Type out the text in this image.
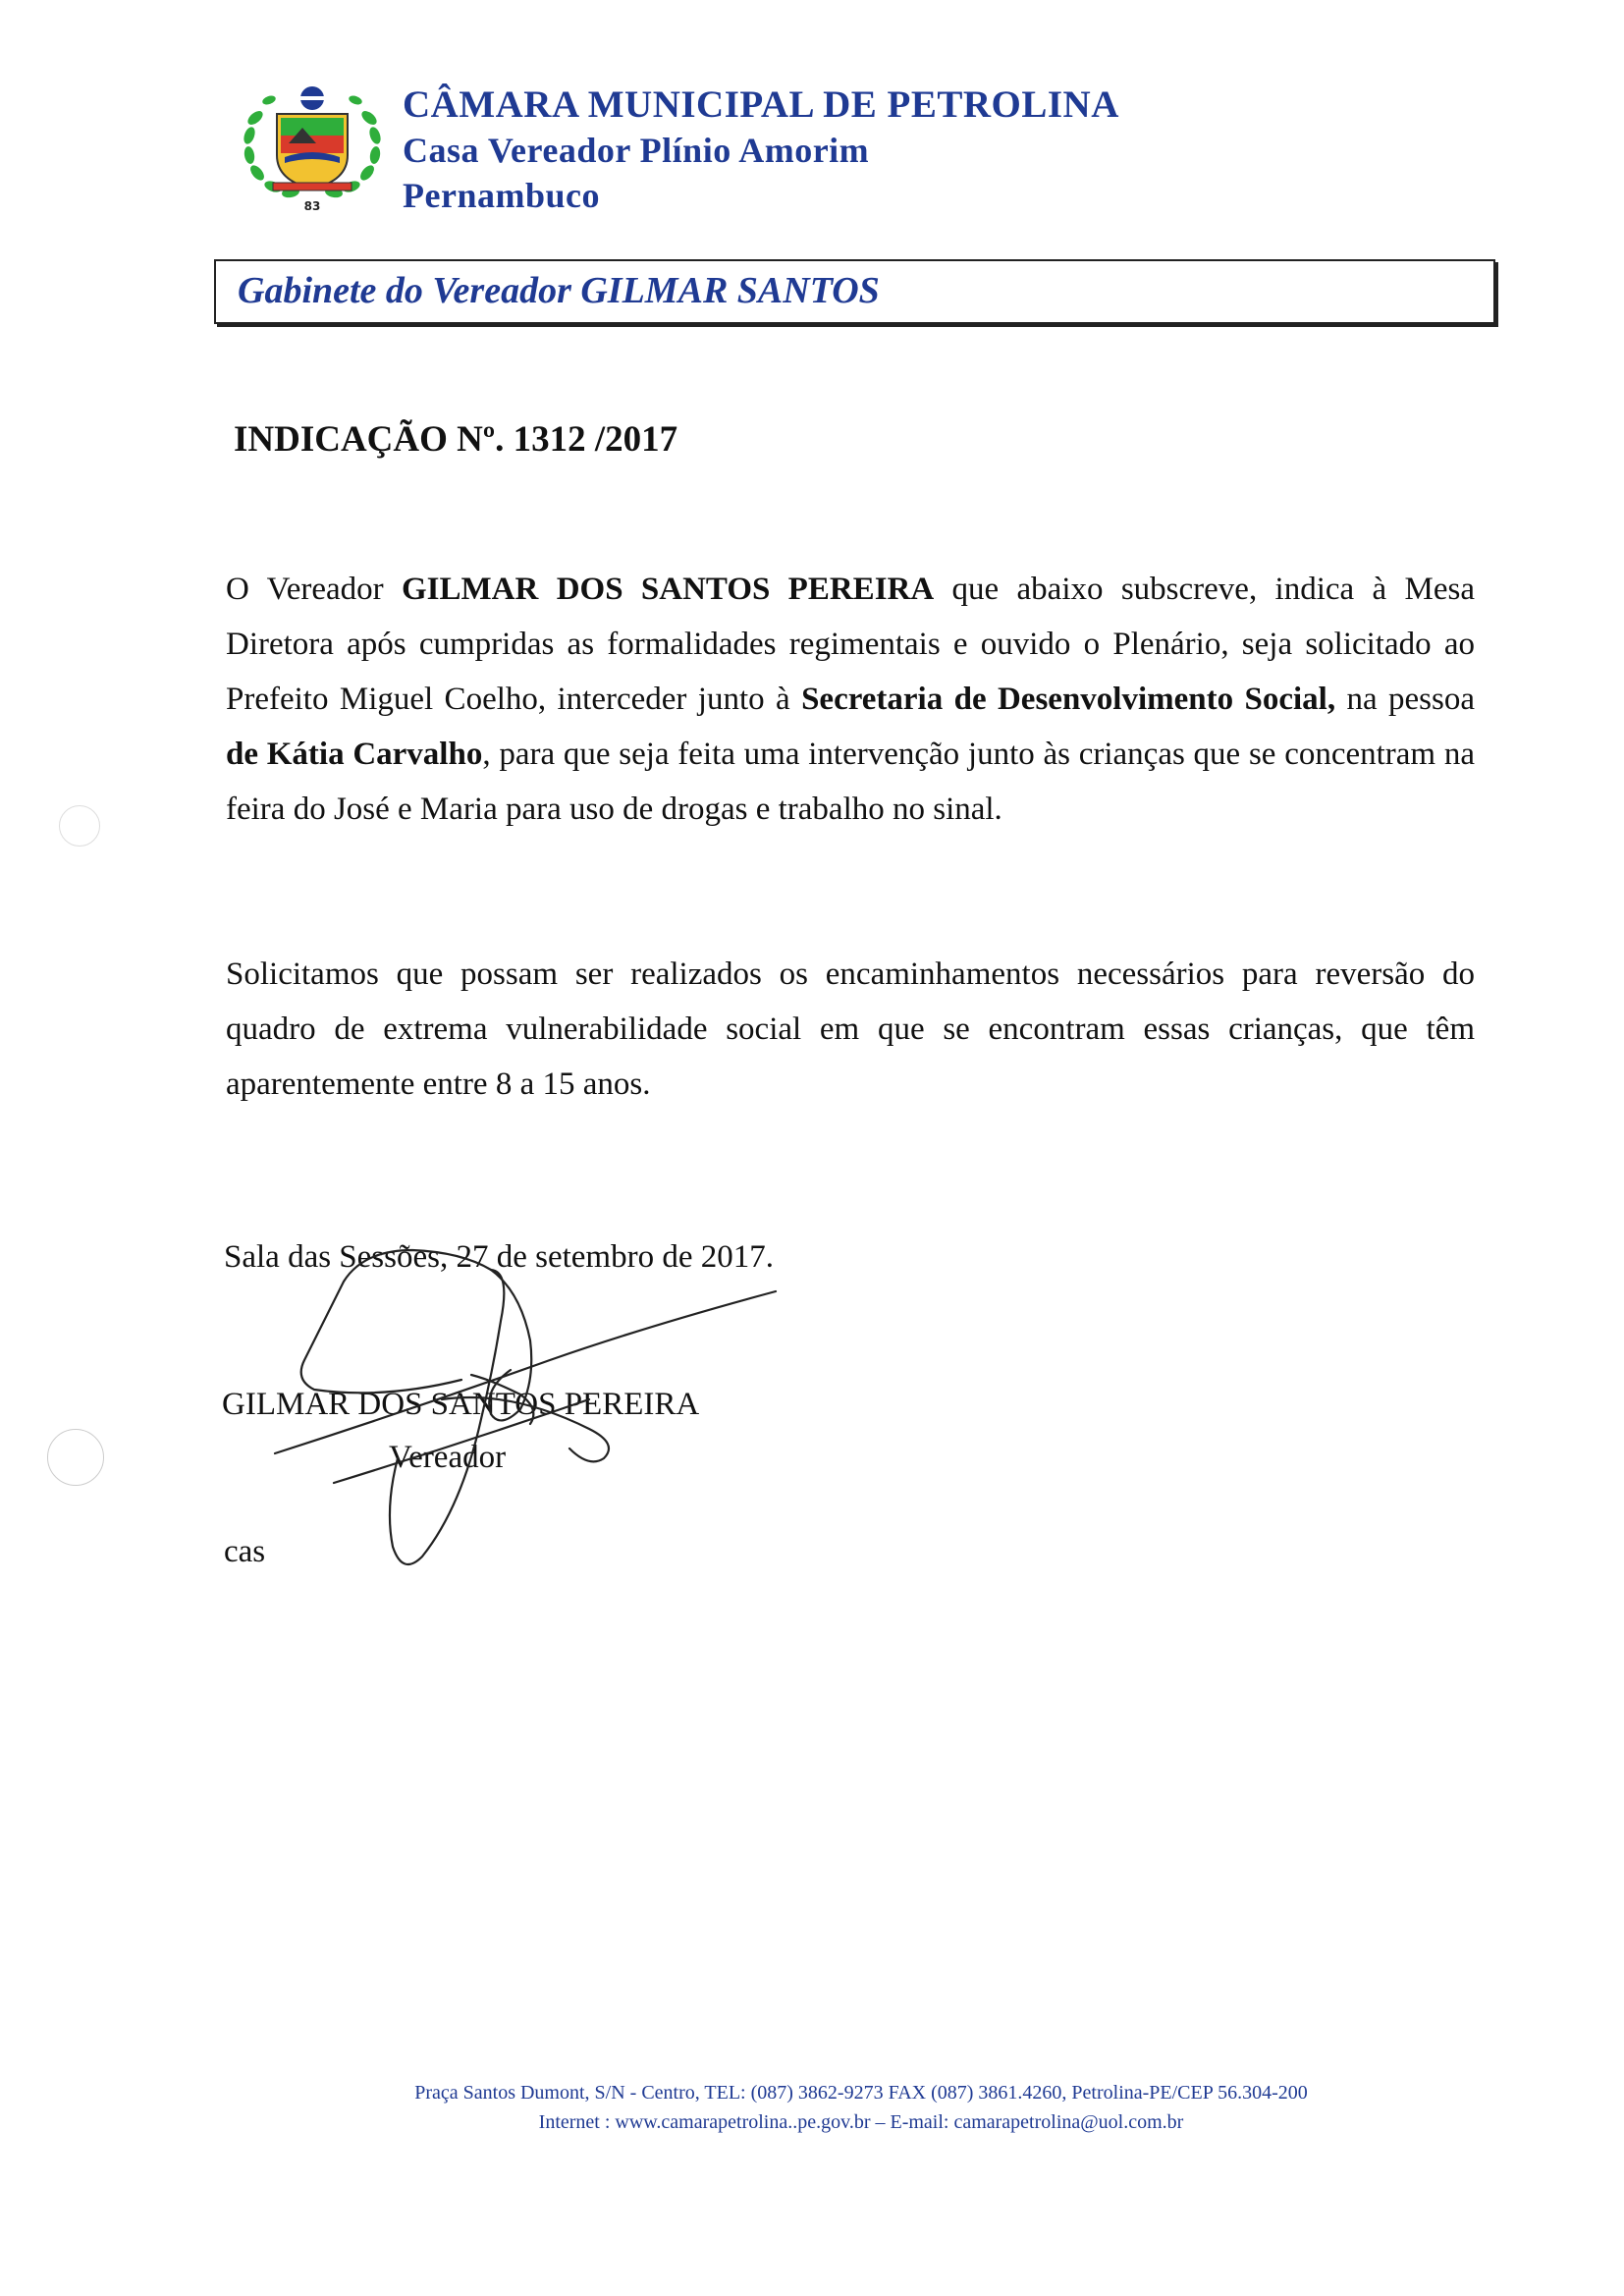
83
CÂMARA MUNICIPAL DE PETROLINA
Casa Vereador Plínio Amorim
Pernambuco
Gabinete do Vereador GILMAR SANTOS
INDICAÇÃO Nº. 1312 /2017
O Vereador GILMAR DOS SANTOS PEREIRA que abaixo subscreve, indica à Mesa Diretora após cumpridas as formalidades regimentais e ouvido o Plenário, seja solicitado ao Prefeito Miguel Coelho, interceder junto à Secretaria de Desenvolvimento Social, na pessoa de Kátia Carvalho, para que seja feita uma intervenção junto às crianças que se concentram na feira do José e Maria para uso de drogas e trabalho no sinal.
Solicitamos que possam ser realizados os encaminhamentos necessários para reversão do quadro de extrema vulnerabilidade social em que se encontram essas crianças, que têm aparentemente entre 8 a 15 anos.
Sala das Sessões, 27 de setembro de 2017.
GILMAR DOS SANTOS PEREIRA
Vereador
cas
Praça Santos Dumont, S/N - Centro, TEL: (087) 3862-9273 FAX (087) 3861.4260, Petrolina-PE/CEP 56.304-200
Internet : www.camarapetrolina..pe.gov.br – E-mail: camarapetrolina@uol.com.br
